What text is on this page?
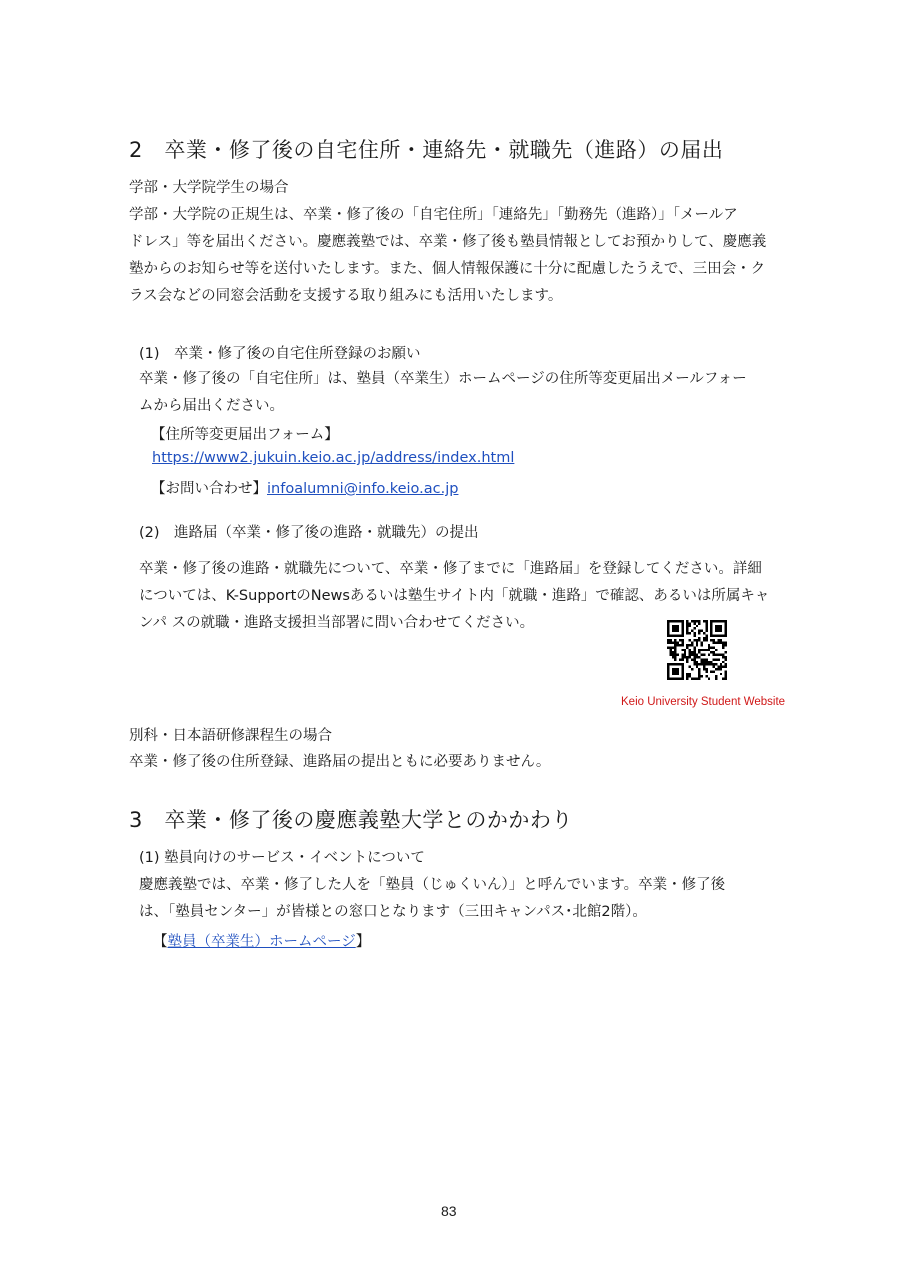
2　卒業・修了後の自宅住所・連絡先・就職先（進路）の届出
学部・大学院学生の場合
学部・大学院の正規生は、卒業・修了後の「自宅住所」「連絡先」「勤務先（進路）」「メールア
ドレス」等を届出ください。慶應義塾では、卒業・修了後も塾員情報としてお預かりして、慶應義
塾からのお知らせ等を送付いたします。また、個人情報保護に十分に配慮したうえで、三田会・ク
ラス会などの同窓会活動を支援する取り組みにも活用いたします。
(1)　卒業・修了後の自宅住所登録のお願い
卒業・修了後の「自宅住所」は、塾員（卒業生）ホームページの住所等変更届出メールフォー
ムから届出ください。
【住所等変更届出フォーム】
https://www2.jukuin.keio.ac.jp/address/index.html
【お問い合わせ】infoalumni@info.keio.ac.jp
(2)　進路届（卒業・修了後の進路・就職先）の提出
卒業・修了後の進路・就職先について、卒業・修了までに「進路届」を登録してください。詳細
については、K-SupportのNewsあるいは塾生サイト内「就職・進路」で確認、あるいは所属キャ
ンパ スの就職・進路支援担当部署に問い合わせてください。
Keio University Student Website
別科・日本語研修課程生の場合
卒業・修了後の住所登録、進路届の提出ともに必要ありません。
3　卒業・修了後の慶應義塾大学とのかかわり
(1) 塾員向けのサービス・イベントについて
慶應義塾では、卒業・修了した人を「塾員（じゅくいん）」と呼んでいます。卒業・修了後
は、「塾員センター」が皆様との窓口となります（三田キャンパス･北館2階）。
【塾員（卒業生）ホームページ】
83
